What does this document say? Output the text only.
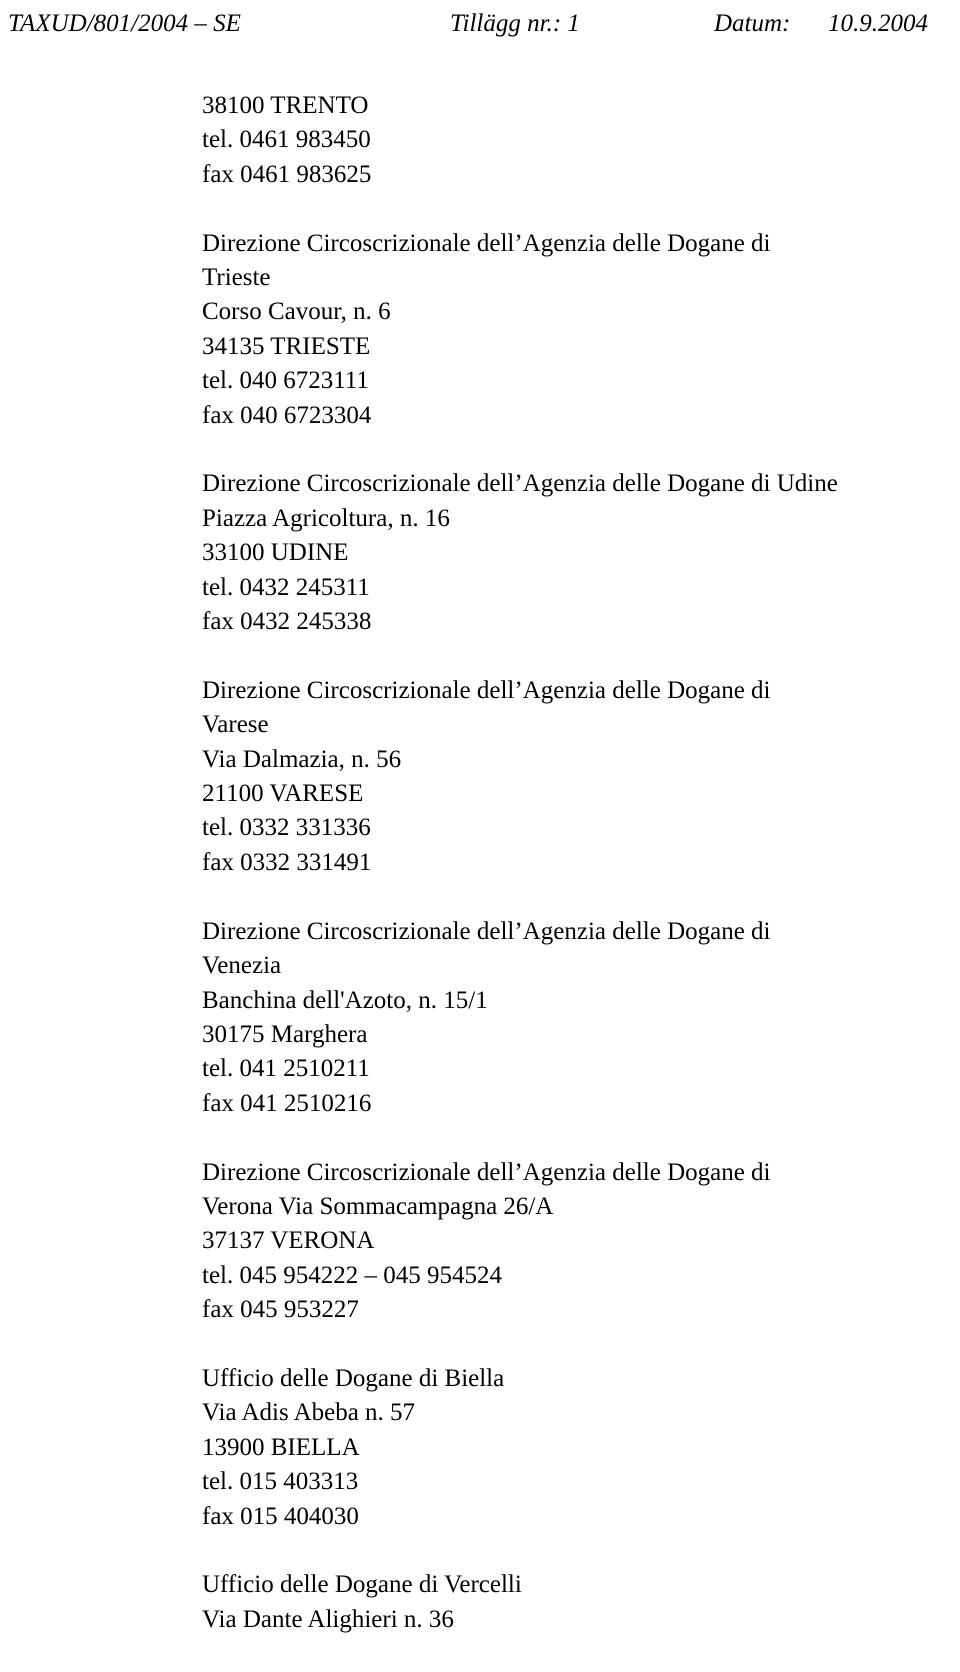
TAXUD/801/2004 – SE	Tillägg nr.: 1	Datum: 10.9.2004
38100 TRENTO
tel. 0461 983450
fax 0461 983625
Direzione Circoscrizionale dell’Agenzia delle Dogane di
Trieste
Corso Cavour, n. 6
34135 TRIESTE
tel. 040 6723111
fax 040 6723304
Direzione Circoscrizionale dell’Agenzia delle Dogane di Udine
Piazza Agricoltura, n. 16
33100 UDINE
tel. 0432 245311
fax 0432 245338
Direzione Circoscrizionale dell’Agenzia delle Dogane di
Varese
Via Dalmazia, n. 56
21100 VARESE
tel. 0332 331336
fax 0332 331491
Direzione Circoscrizionale dell’Agenzia delle Dogane di
Venezia
Banchina dell'Azoto, n. 15/1
30175 Marghera
tel. 041 2510211
fax 041 2510216
Direzione Circoscrizionale dell’Agenzia delle Dogane di
Verona Via Sommacampagna 26/A
37137 VERONA
tel. 045 954222 – 045 954524
fax 045 953227
Ufficio delle Dogane di Biella
Via Adis Abeba n. 57
13900 BIELLA
tel. 015 403313
fax 015 404030
Ufficio delle Dogane di Vercelli
Via Dante Alighieri n. 36
